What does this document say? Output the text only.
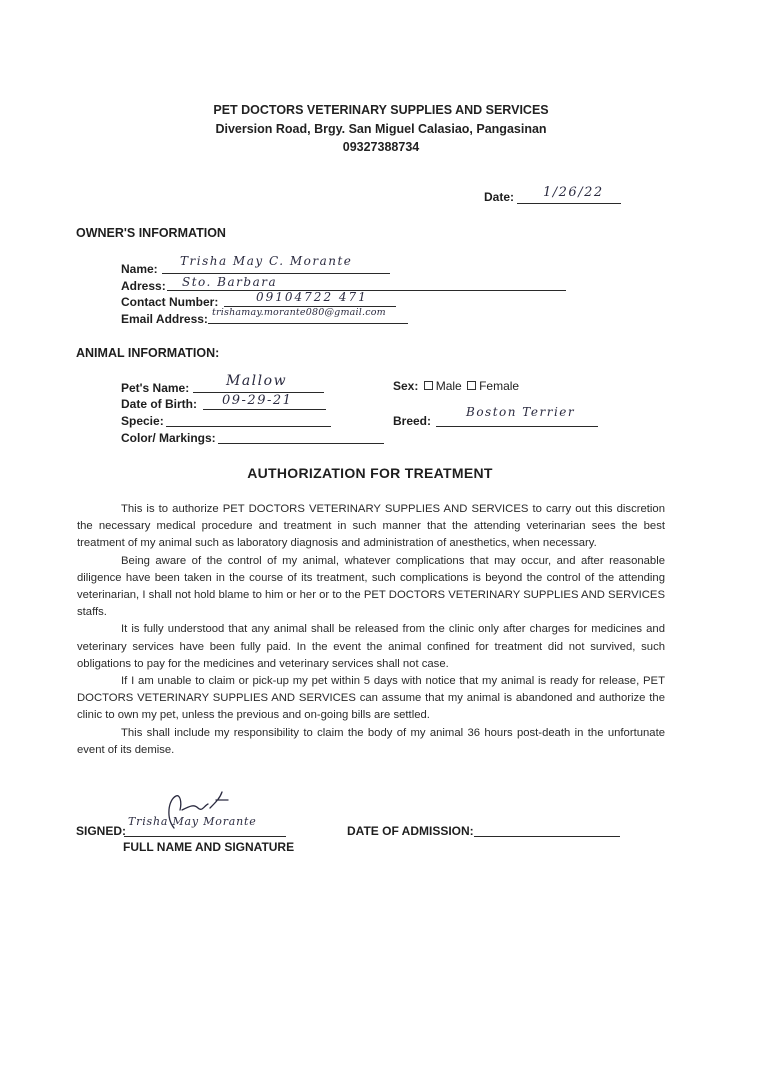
PET DOCTORS VETERINARY SUPPLIES AND SERVICES
Diversion Road, Brgy. San Miguel Calasiao, Pangasinan
09327388734
Date: 1/26/22
OWNER'S INFORMATION
Name:
Trisha May C. Morante
Adress: Sto. Barbara
Contact Number:	09104722 471
Email Address: trishamay.morante080@gmail.com
ANIMAL INFORMATION:
Pet's Name:	Mallow
Date of Birth: 09-29-21
Specie:
Color/ Markings:
Sex: Male Female
Breed:
Boston Terrier
AUTHORIZATION FOR TREATMENT

This is to authorize PET DOCTORS VETERINARY SUPPLIES AND SERVICES to carry out this discretion the necessary medical procedure and treatment in such manner that the attending veterinarian sees the best treatment of my animal such as laboratory diagnosis and administration of anesthetics, when necessary.

Being aware of the control of my animal, whatever complications that may occur, and after reasonable diligence have been taken in the course of its treatment, such complications is beyond the control of the attending veterinarian, I shall not hold blame to him or her or to the PET DOCTORS VETERINARY SUPPLIES AND SERVICES staffs.

It is fully understood that any animal shall be released from the clinic only after charges for medicines and veterinary services have been fully paid. In the event the animal confined for treatment did not survived, such obligations to pay for the medicines and veterinary services shall not case.

If I am unable to claim or pick-up my pet within 5 days with notice that my animal is ready for release, PET DOCTORS VETERINARY SUPPLIES AND SERVICES can assume that my animal is abandoned and authorize the clinic to own my pet, unless the previous and on-going bills are settled.

This shall include my responsibility to claim the body of my animal 36 hours post-death in the unfortunate event of its demise.

SIGNED:
Trisha May Morante
FULL NAME AND SIGNATURE
DATE OF ADMISSION:
